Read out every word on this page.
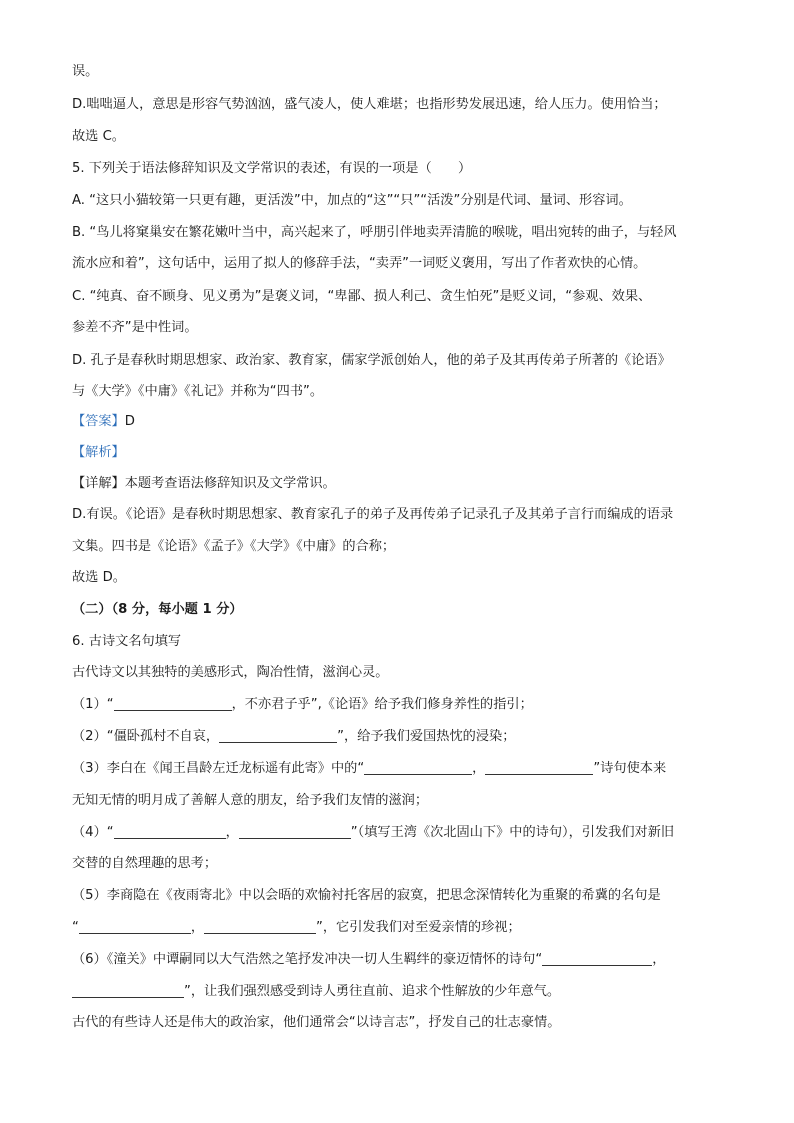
误。
D.咄咄逼人，意思是形容气势汹汹，盛气凌人，使人难堪；也指形势发展迅速，给人压力。使用恰当；
故选 C。
5. 下列关于语法修辞知识及文学常识的表述，有误的一项是（　　）
A. “这只小猫较第一只更有趣，更活泼”中，加点的“这”“只”“活泼”分别是代词、量词、形容词。
B. “鸟儿将窠巢安在繁花嫩叶当中，高兴起来了，呼朋引伴地卖弄清脆的喉咙，唱出宛转的曲子，与轻风
流水应和着”，这句话中，运用了拟人的修辞手法，“卖弄”一词贬义褒用，写出了作者欢快的心情。
C. “纯真、奋不顾身、见义勇为”是褒义词，“卑鄙、损人利己、贪生怕死”是贬义词，“参观、效果、
参差不齐”是中性词。
D. 孔子是春秋时期思想家、政治家、教育家，儒家学派创始人，他的弟子及其再传弟子所著的《论语》
与《大学》《中庸》《礼记》并称为“四书”。
【答案】D
【解析】
【详解】本题考查语法修辞知识及文学常识。
D.有误。《论语》是春秋时期思想家、教育家孔子的弟子及再传弟子记录孔子及其弟子言行而编成的语录
文集。四书是《论语》《孟子》《大学》《中庸》的合称；
故选 D。
（二）（8 分，每小题 1 分）
6. 古诗文名句填写
古代诗文以其独特的美感形式，陶冶性情，滋润心灵。
（1）“	，不亦君子乎”,《论语》给予我们修身养性的指引；
（2）“僵卧孤村不自哀，	”，给予我们爱国热忱的浸染；
（3）李白在《闻王昌龄左迁龙标遥有此寄》中的“	，	”诗句使本来
无知无情的明月成了善解人意的朋友，给予我们友情的滋润；
（4）“	，	”（填写王湾《次北固山下》中的诗句），引发我们对新旧
交替的自然理趣的思考；
（5）李商隐在《夜雨寄北》中以会晤的欢愉衬托客居的寂寞，把思念深情转化为重聚的希冀的名句是
“	，	”，它引发我们对至爱亲情的珍视；
（6）《潼关》中谭嗣同以大气浩然之笔抒发冲决一切人生羁绊的豪迈情怀的诗句“	，
”，让我们强烈感受到诗人勇往直前、追求个性解放的少年意气。
古代的有些诗人还是伟大的政治家，他们通常会“以诗言志”，抒发自己的壮志豪情。
